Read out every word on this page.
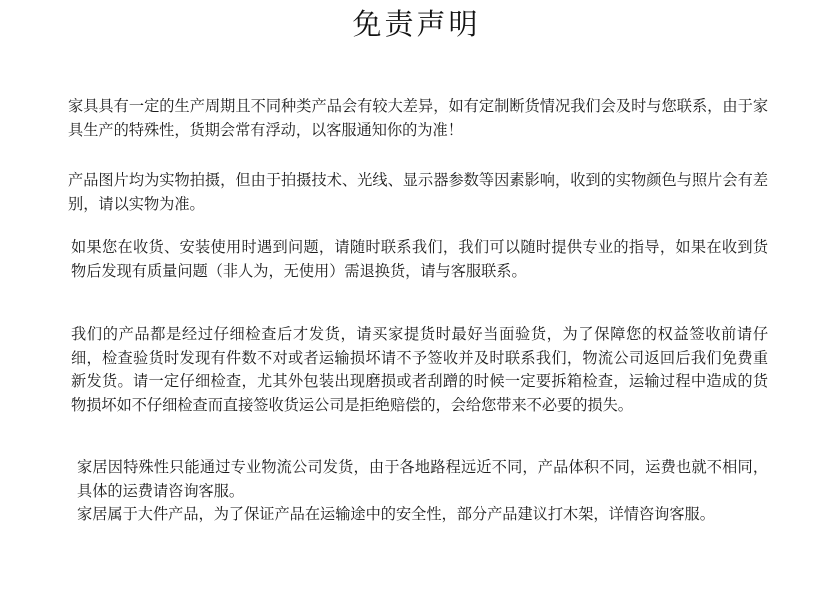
免责声明
家具具有一定的生产周期且不同种类产品会有较大差异，如有定制断货情况我们会及时与您联系，由于家具生产的特殊性，货期会常有浮动，以客服通知你的为准！
产品图片均为实物拍摄，但由于拍摄技术、光线、显示器参数等因素影响，收到的实物颜色与照片会有差别，请以实物为准。
如果您在收货、安装使用时遇到问题，请随时联系我们，我们可以随时提供专业的指导，如果在收到货物后发现有质量问题（非人为，无使用）需退换货，请与客服联系。
我们的产品都是经过仔细检查后才发货，请买家提货时最好当面验货，为了保障您的权益签收前请仔细，检查验货时发现有件数不对或者运输损坏请不予签收并及时联系我们，物流公司返回后我们免费重新发货。请一定仔细检查，尤其外包装出现磨损或者刮蹭的时候一定要拆箱检查，运输过程中造成的货物损坏如不仔细检查而直接签收货运公司是拒绝赔偿的，会给您带来不必要的损失。
家居因特殊性只能通过专业物流公司发货，由于各地路程远近不同，产品体积不同，运费也就不相同，具体的运费请咨询客服。
家居属于大件产品，为了保证产品在运输途中的安全性，部分产品建议打木架，详情咨询客服。
